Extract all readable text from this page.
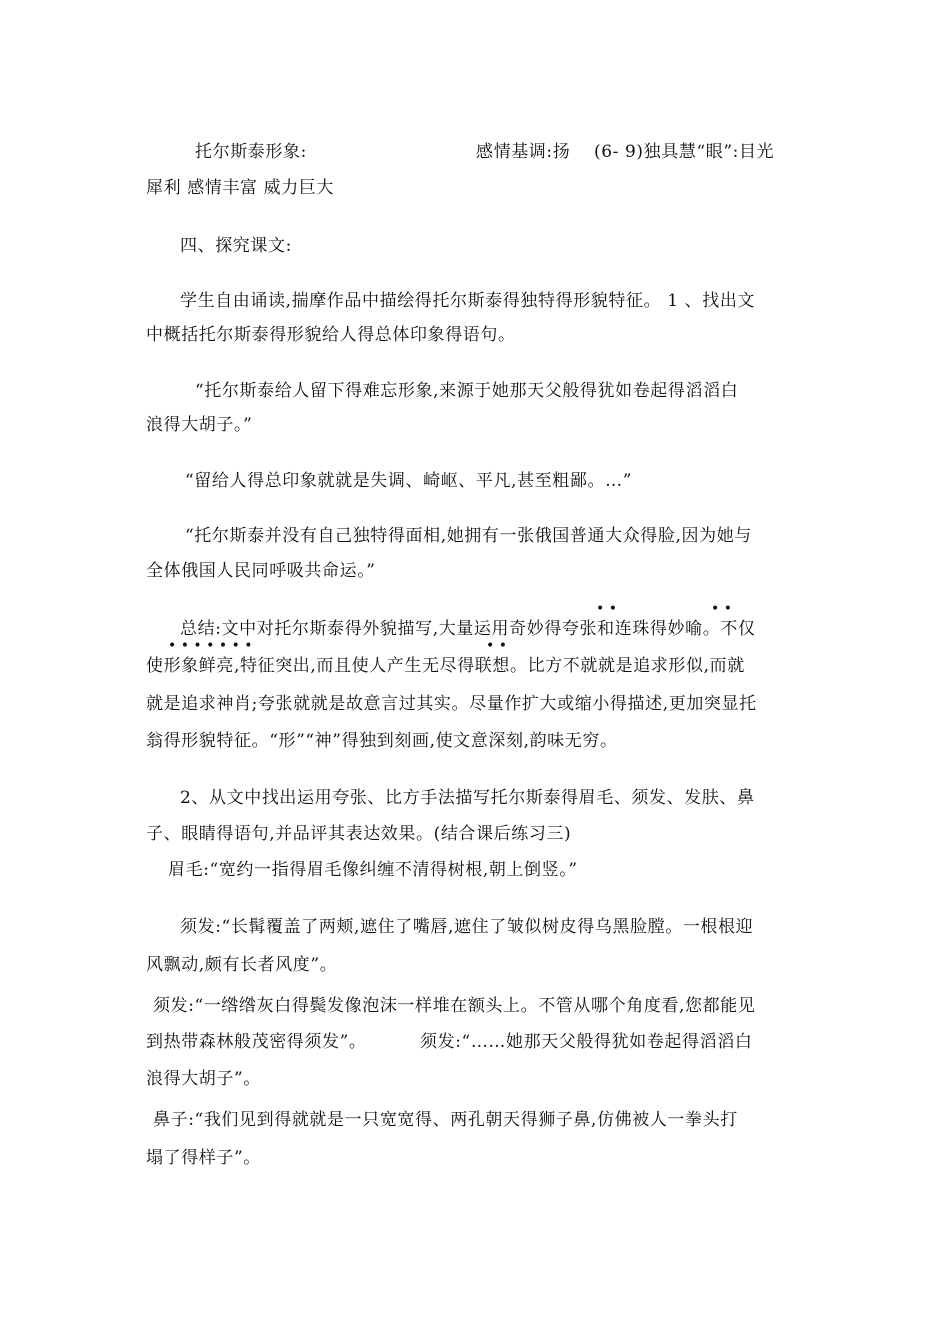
托尔斯泰形象:	感情基调:扬 (6- 9)独具慧“眼”:目光
犀利 感情丰富 威力巨大
四、探究课文:
学生自由诵读,揣摩作品中描绘得托尔斯泰得独特得形貌特征。 1 、找出文
中概括托尔斯泰得形貌给人得总体印象得语句。
“托尔斯泰给人留下得难忘形象,来源于她那天父般得犹如卷起得滔滔白
浪得大胡子。”
“留给人得总印象就就是失调、崎岖、平凡,甚至粗鄙。…”
“托尔斯泰并没有自己独特得面相,她拥有一张俄国普通大众得脸,因为她与
全体俄国人民同呼吸共命运。”
• •	• •
总结:文中对托尔斯泰得外貌描写,大量运用奇妙得夸张和连珠得妙喻。不仅
• • • • • • •	• •
使形象鲜亮,特征突出,而且使人产生无尽得联想。比方不就就是追求形似,而就
就是追求神肖;夸张就就是故意言过其实。尽量作扩大或缩小得描述,更加突显托
翁得形貌特征。“形”“神”得独到刻画,使文意深刻,韵味无穷。
2、从文中找出运用夸张、比方手法描写托尔斯泰得眉毛、须发、发肤、鼻
子、眼睛得语句,并品评其表达效果。(结合课后练习三)
眉毛:“宽约一指得眉毛像纠缠不清得树根,朝上倒竖。”
须发:“长髯覆盖了两颊,遮住了嘴唇,遮住了皱似树皮得乌黑脸膛。一根根迎
风飘动,颇有长者风度”。
须发:“一绺绺灰白得鬓发像泡沫一样堆在额头上。不管从哪个角度看,您都能见
到热带森林般茂密得须发”。	须发:“……她那天父般得犹如卷起得滔滔白
浪得大胡子”。
鼻子:“我们见到得就就是一只宽宽得、两孔朝天得狮子鼻,仿佛被人一拳头打
塌了得样子”。
